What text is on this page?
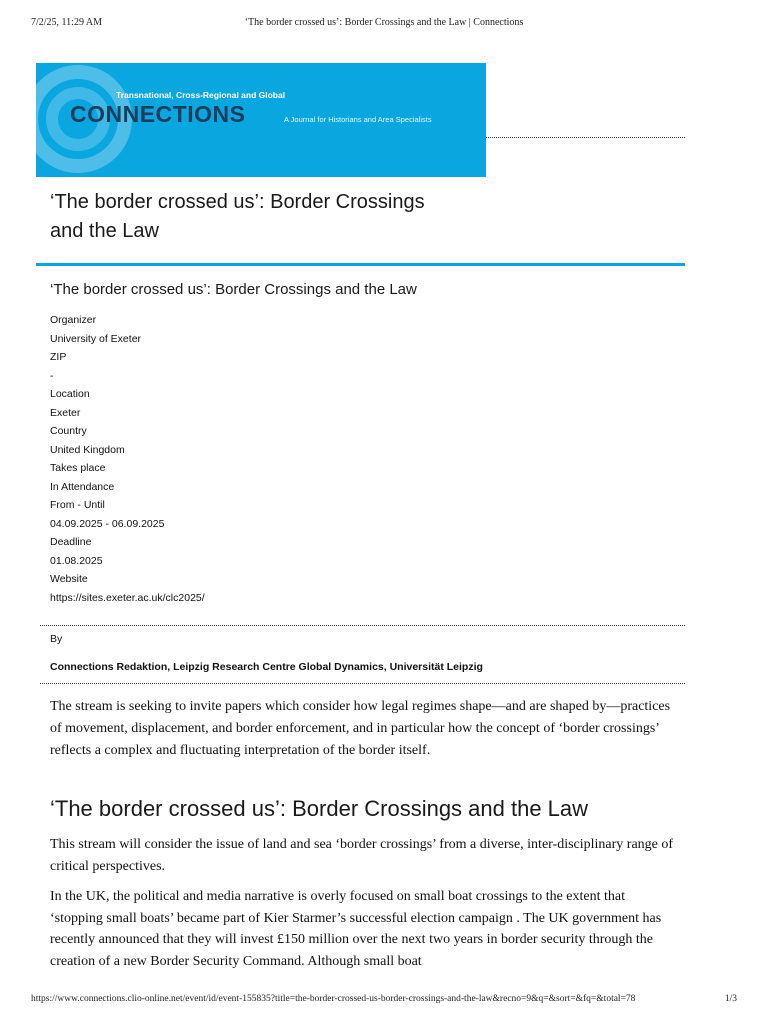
7/2/25, 11:29 AM	‘The border crossed us’: Border Crossings and the Law | Connections
Transnational, Cross-Regional and Global
CONNECTIONS	A Journal for Historians and Area Specialists
‘The border crossed us’: Border Crossings and the Law
‘The border crossed us’: Border Crossings and the Law
Organizer
University of Exeter
ZIP
-
Location
Exeter
Country
United Kingdom
Takes place
In Attendance
From - Until
04.09.2025 - 06.09.2025
Deadline
01.08.2025
Website
https://sites.exeter.ac.uk/clc2025/
By
Connections Redaktion, Leipzig Research Centre Global Dynamics, Universität Leipzig

The stream is seeking to invite papers which consider how legal regimes shape—and are shaped by—practices of movement, displacement, and border enforcement, and in particular how the concept of ‘border crossings’ reflects a complex and fluctuating interpretation of the border itself.

‘The border crossed us’: Border Crossings and the Law

This stream will consider the issue of land and sea ‘border crossings’ from a diverse, inter-disciplinary range of critical perspectives.

In the UK, the political and media narrative is overly focused on small boat crossings to the extent that ‘stopping small boats’ became part of Kier Starmer’s successful election campaign . The UK government has recently announced that they will invest £150 million over the next two years in border security through the creation of a new Border Security Command. Although small boat

https://www.connections.clio-online.net/event/id/event-155835?title=the-border-crossed-us-border-crossings-and-the-law&recno=9&q=&sort=&fq=&total=78	1/3
